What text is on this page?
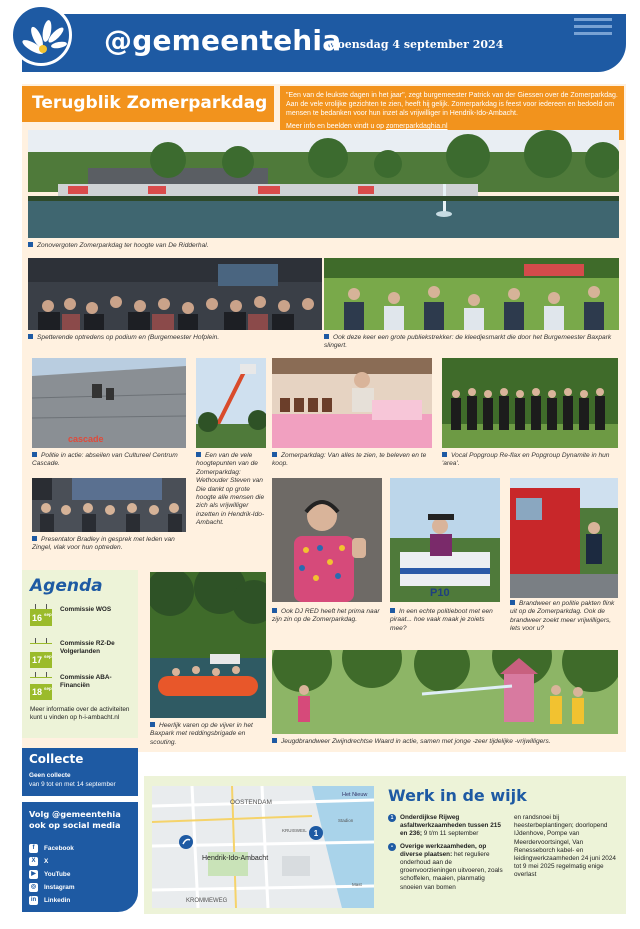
@gemeentehia
woensdag 4 september 2024
Terugblik Zomerparkdag	"Een van de leukste dagen in het jaar", zegt burgemeester Patrick van der Giessen over de Zomerparkdag. Aan de vele vrolijke gezichten te zien, heeft hij gelijk. Zomerparkdag is feest voor iedereen en bedoeld om mensen te bedanken voor hun inzet als vrijwilliger in Hendrik-Ido-Ambacht.
Meer info en beelden vindt u op zomerparkdaghia.nl
Zonovergoten Zomerparkdag ter hoogte van De Ridderhal.
Spetterende optredens op podium en (Burgemeester Hofplein.	Ook deze keer een grote publiekstrekker: de kleedjesmarkt die door het Burgemeester Baxpark slingert.
cascade
Politie in actie: abseilen van Cultureel Centrum Cascade.
Een van de vele hoogtepunten van de Zomerparkdag: Wethouder Steven van Die dankt op grote hoogte alle mensen die zich als vrijwilliger inzetten in Hendrik-Ido-Ambacht.
Zomerparkdag: Van alles te zien, te beleven en te koop.
Vocal Popgroup Re-flax en Popgroup Dynamite in hun 'area'.
Presentator Bradley in gesprek met leden van Zingel, vlak voor hun optreden.
P10
Ook DJ RED heeft het prima naar zijn zin op de Zomerparkdag.
In een echte politieboot met een piraat... hoe vaak maak je zoiets mee?
Brandweer en politie pakten flink uit op de Zomerparkdag. Ook de brandweer zoekt meer vrijwilligers, lets voor u?
Heerlijk varen op de vijver in het Baxpark met reddingsbrigade en scouting.	Jeugdbrandweer Zwijndrechtse Waard in actie, samen met jonge -zeer tijdelijke -vrijwilligers.
Agenda
16 sep
Commissie WOS
17 sep
Commissie RZ-De Volgerlanden
18 sep
Commissie ABA-Financiën
Meer informatie over de activiteiten kunt u vinden op h-i-ambacht.nl
Collecte
Geen collecte
van 9 tot en met 14 september
Volg @gemeentehia ook op social media
f	Facebook
X	X
▶	YouTube
◎ Instagram
in Linkedin
1
OOSTENDAM
Het Nieuw
KRUISWEIL
Stadion
Mast
Hendrik-Ido-Ambacht
KROMMEWEG
Werk in de wijk
1	Onderdijkse Rijweg asfaltwerkzaamheden tussen 215 en 236; 9 t/m 11 september
•	Overige werkzaamheden, op diverse plaatsen: het reguliere onderhoud aan de groenvoorzieningen uitvoeren, zoals schoffelen, maaien, planmatig snoeien van bomen
en randsnoei bij heesterbeplantingen; doorlopend IJdenhove, Pompe van Meerdervoortsingel, Van Renesseborch kabel- en leidingwerkzaamheden 24 juni 2024 tot 9 mei 2025 regelmatig enige overlast
